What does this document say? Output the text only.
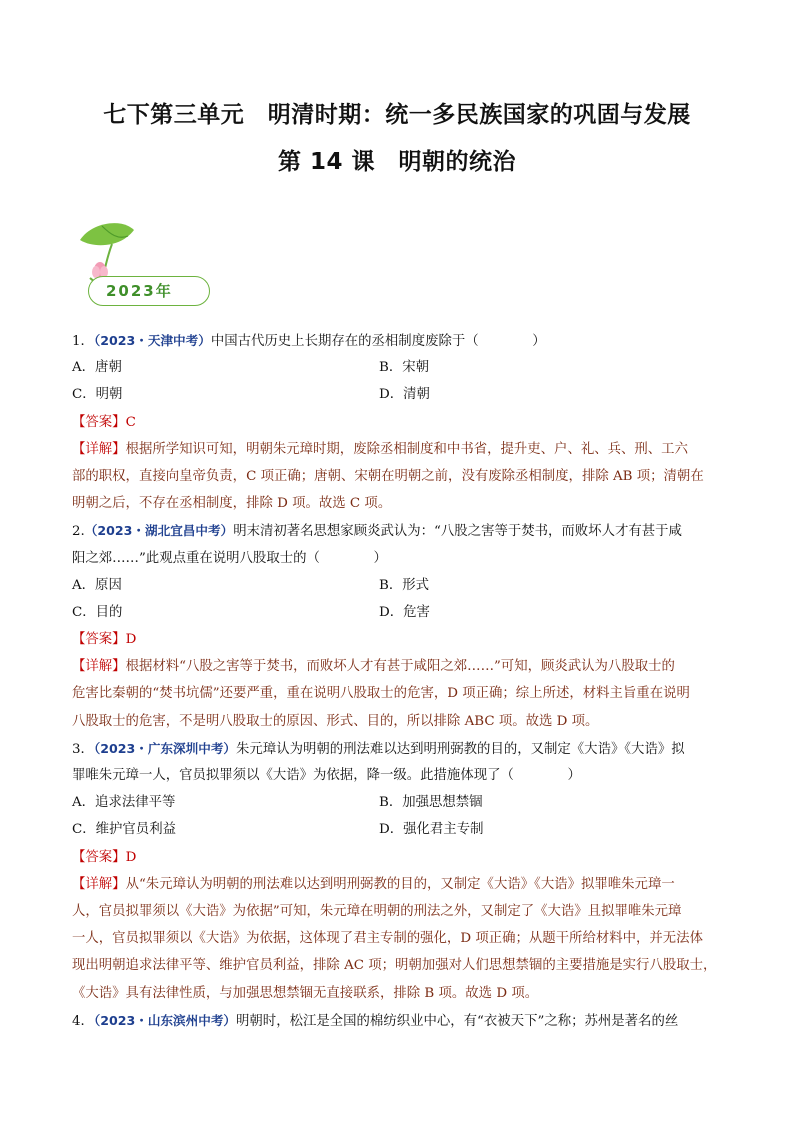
七下第三单元　明清时期：统一多民族国家的巩固与发展
第 14 课　明朝的统治
2023年
1．（2023・天津中考）中国古代历史上长期存在的丞相制度废除于（　　　　）
A．唐朝	B．宋朝
C．明朝	D．清朝
【答案】C
【详解】根据所学知识可知，明朝朱元璋时期，废除丞相制度和中书省，提升吏、户、礼、兵、刑、工六
部的职权，直接向皇帝负责，C 项正确；唐朝、宋朝在明朝之前，没有废除丞相制度，排除 AB 项；清朝在
明朝之后，不存在丞相制度，排除 D 项。故选 C 项。
2.（2023・湖北宜昌中考）明末清初著名思想家顾炎武认为：“八股之害等于焚书，而败坏人才有甚于咸
阳之郊……”此观点重在说明八股取士的（　　　　）
A．原因	B．形式
C．目的	D．危害
【答案】D
【详解】根据材料“八股之害等于焚书，而败坏人才有甚于咸阳之郊……”可知，顾炎武认为八股取士的
危害比秦朝的“焚书坑儒”还要严重，重在说明八股取士的危害，D 项正确；综上所述，材料主旨重在说明
八股取士的危害，不是明八股取士的原因、形式、目的，所以排除 ABC 项。故选 D 项。
3．（2023・广东深圳中考）朱元璋认为明朝的刑法难以达到明刑弼教的目的，又制定《大诰》《大诰》拟
罪唯朱元璋一人，官员拟罪须以《大诰》为依据，降一级。此措施体现了（　　　　）
A．追求法律平等	B．加强思想禁锢
C．维护官员利益	D．强化君主专制
【答案】D
【详解】从“朱元璋认为明朝的刑法难以达到明刑弼教的目的，又制定《大诰》《大诰》拟罪唯朱元璋一
人，官员拟罪须以《大诰》为依据”可知，朱元璋在明朝的刑法之外，又制定了《大诰》且拟罪唯朱元璋
一人，官员拟罪须以《大诰》为依据，这体现了君主专制的强化，D 项正确；从题干所给材料中，并无法体
现出明朝追求法律平等、维护官员利益，排除 AC 项；明朝加强对人们思想禁锢的主要措施是实行八股取士，
《大诰》具有法律性质，与加强思想禁锢无直接联系，排除 B 项。故选 D 项。
4．（2023・山东滨州中考）明朝时，松江是全国的棉纺织业中心，有“衣被天下”之称；苏州是著名的丝
